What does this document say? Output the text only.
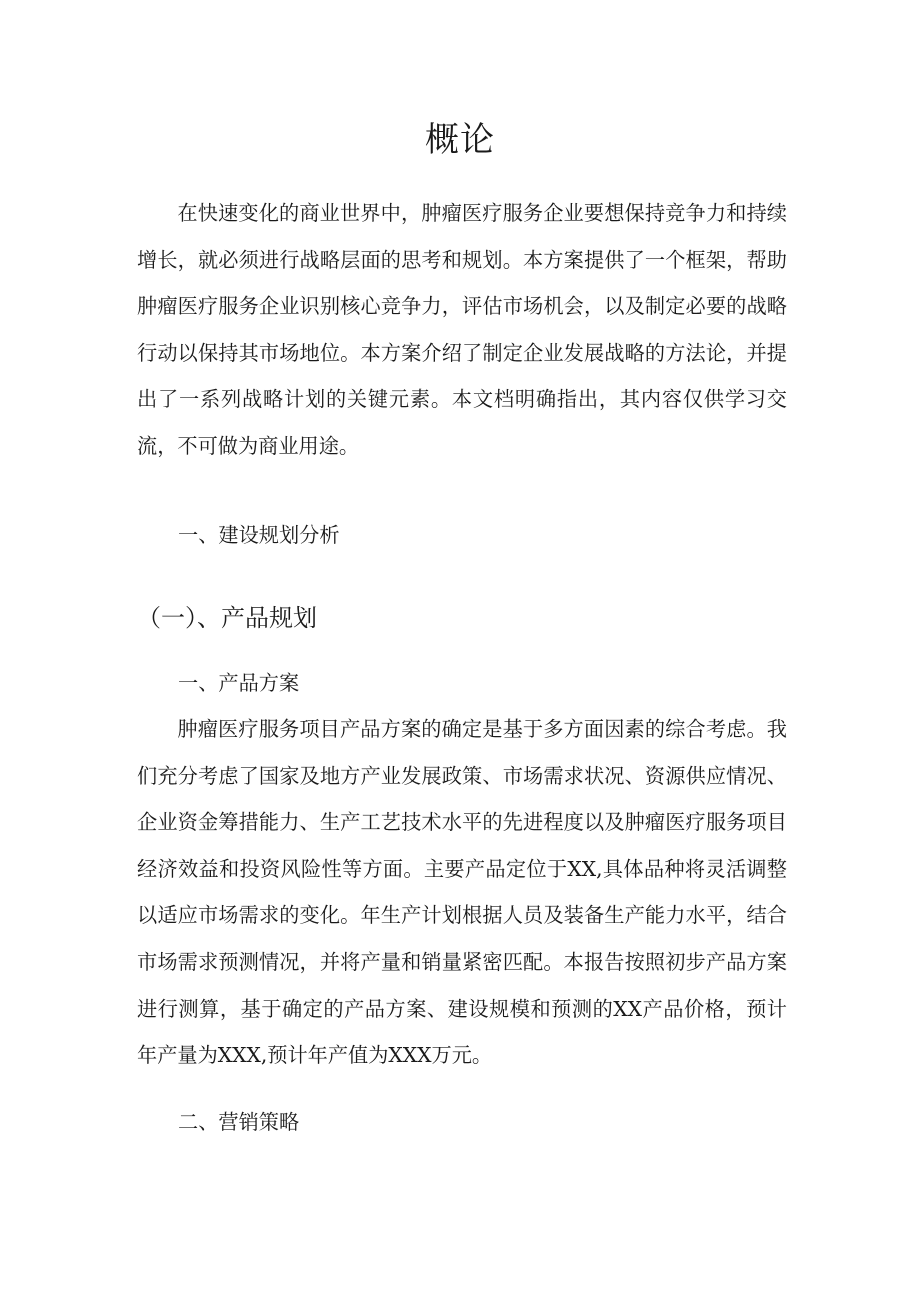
概论

在快速变化的商业世界中，肿瘤医疗服务企业要想保持竞争力和持续增长，就必须进行战略层面的思考和规划。本方案提供了一个框架，帮助肿瘤医疗服务企业识别核心竞争力，评估市场机会，以及制定必要的战略行动以保持其市场地位。本方案介绍了制定企业发展战略的方法论，并提出了一系列战略计划的关键元素。本文档明确指出，其内容仅供学习交流，不可做为商业用途。

一、建设规划分析

（一）、产品规划

一、产品方案

肿瘤医疗服务项目产品方案的确定是基于多方面因素的综合考虑。我们充分考虑了国家及地方产业发展政策、市场需求状况、资源供应情况、企业资金筹措能力、生产工艺技术水平的先进程度以及肿瘤医疗服务项目经济效益和投资风险性等方面。主要产品定位于XX,具体品种将灵活调整以适应市场需求的变化。年生产计划根据人员及装备生产能力水平，结合市场需求预测情况，并将产量和销量紧密匹配。本报告按照初步产品方案进行测算，基于确定的产品方案、建设规模和预测的XX产品价格，预计年产量为XXX,预计年产值为XXX万元。

二、营销策略
